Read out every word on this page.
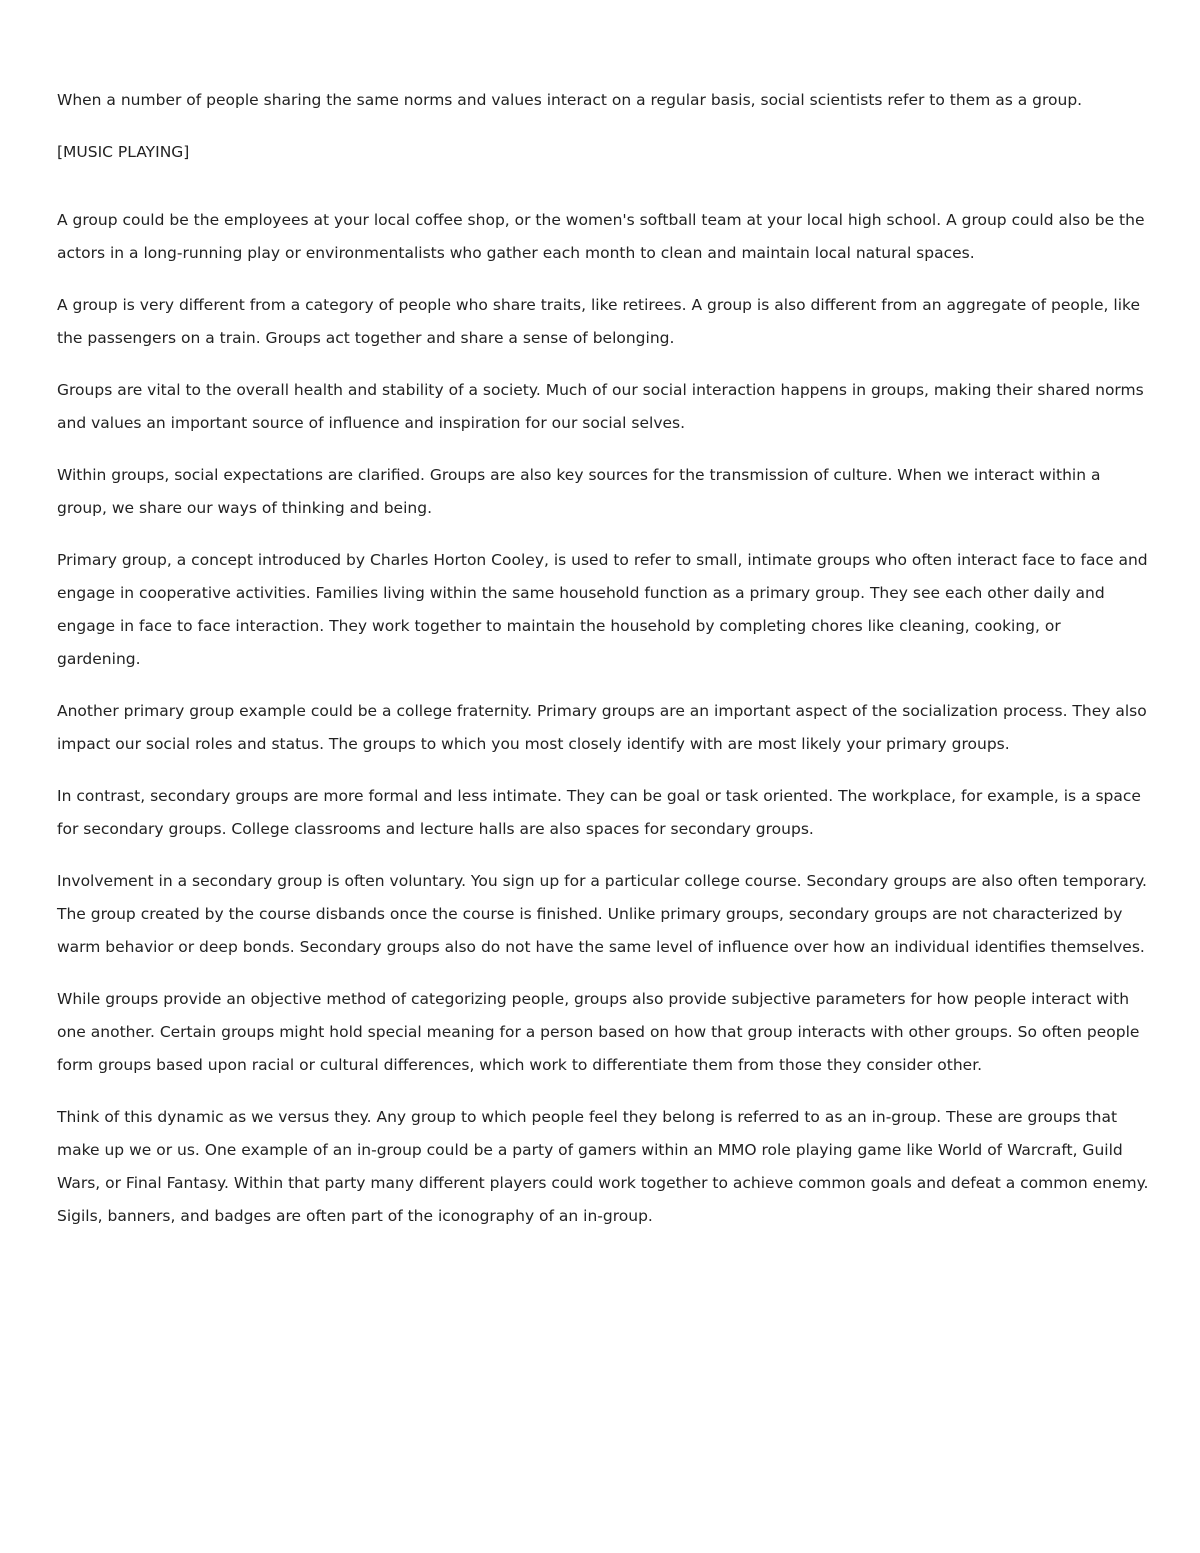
When a number of people sharing the same norms and values interact on a regular basis, social scientists refer to them as a group.

[MUSIC PLAYING]

A group could be the employees at your local coffee shop, or the women's softball team at your local high school. A group could also be the actors in a long-running play or environmentalists who gather each month to clean and maintain local natural spaces.

A group is very different from a category of people who share traits, like retirees. A group is also different from an aggregate of people, like the passengers on a train. Groups act together and share a sense of belonging.

Groups are vital to the overall health and stability of a society. Much of our social interaction happens in groups, making their shared norms and values an important source of influence and inspiration for our social selves.

Within groups, social expectations are clarified. Groups are also key sources for the transmission of culture. When we interact within a group, we share our ways of thinking and being.

Primary group, a concept introduced by Charles Horton Cooley, is used to refer to small, intimate groups who often interact face to face and engage in cooperative activities. Families living within the same household function as a primary group. They see each other daily and engage in face to face interaction. They work together to maintain the household by completing chores like cleaning, cooking, or gardening.

Another primary group example could be a college fraternity. Primary groups are an important aspect of the socialization process. They also impact our social roles and status. The groups to which you most closely identify with are most likely your primary groups.

In contrast, secondary groups are more formal and less intimate. They can be goal or task oriented. The workplace, for example, is a space for secondary groups. College classrooms and lecture halls are also spaces for secondary groups.

Involvement in a secondary group is often voluntary. You sign up for a particular college course. Secondary groups are also often temporary. The group created by the course disbands once the course is finished. Unlike primary groups, secondary groups are not characterized by warm behavior or deep bonds. Secondary groups also do not have the same level of influence over how an individual identifies themselves.

While groups provide an objective method of categorizing people, groups also provide subjective parameters for how people interact with one another. Certain groups might hold special meaning for a person based on how that group interacts with other groups. So often people form groups based upon racial or cultural differences, which work to differentiate them from those they consider other.

Think of this dynamic as we versus they. Any group to which people feel they belong is referred to as an in-group. These are groups that make up we or us. One example of an in-group could be a party of gamers within an MMO role playing game like World of Warcraft, Guild Wars, or Final Fantasy. Within that party many different players could work together to achieve common goals and defeat a common enemy. Sigils, banners, and badges are often part of the iconography of an in-group.
